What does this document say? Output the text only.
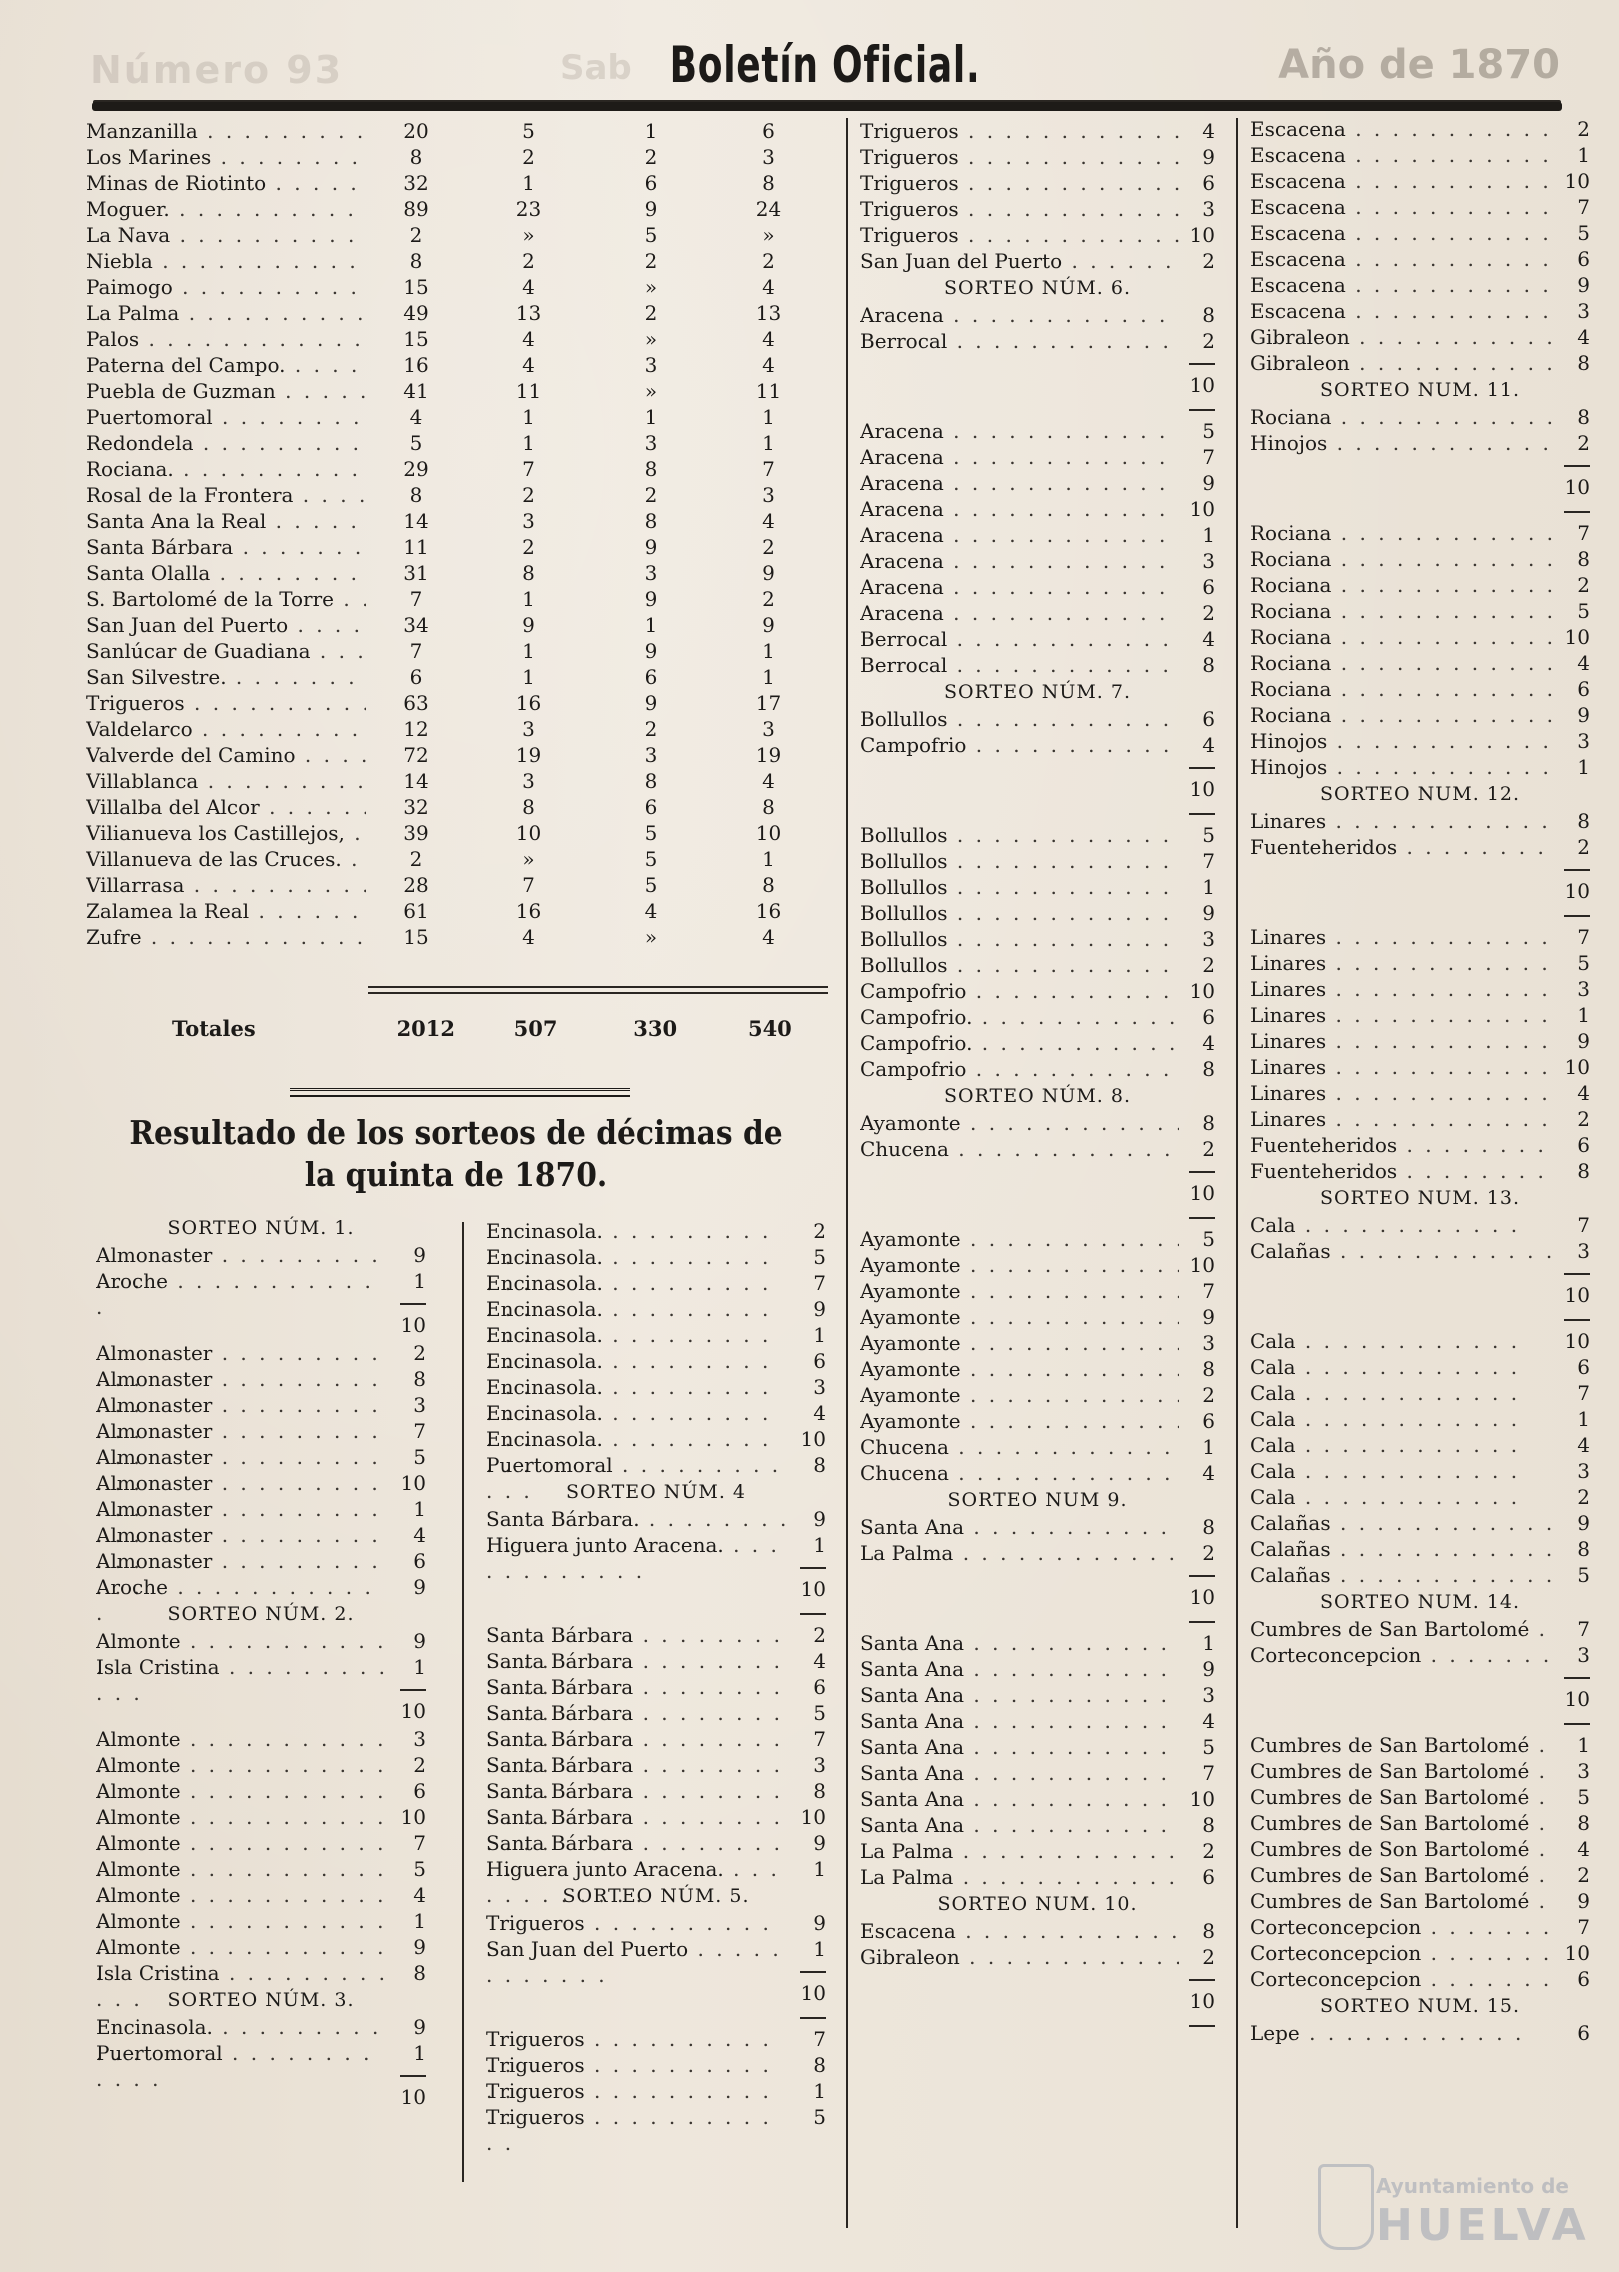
Número 93	Sab Boletín Oficial.	Año de 1870
Manzanilla .	20	5	1	6
Los Marines .	8	2	2	3
Minas de Riotinto .	32	1	6	8
Moguer. .	89	23	9	24
La Nava .	2	»	5	»
Niebla .	8	2	2	2
Paimogo .	15	4	»	4
La Palma .	49	13	2	13
Palos .	15	4	»	4
Paterna del Campo. .	16	4	3	4
Puebla de Guzman .	41	11	»	11
Puertomoral .	4	1	1	1
Redondela .	5	1	3	1
Rociana. .	29	7	8	7
Rosal de la Frontera .	8	2	2	3
Santa Ana la Real .	14	3	8	4
Santa Bárbara .	11	2	9	2
Santa Olalla .	31	8	3	9
S. Bartolomé de la Torre .	7	1	9	2
San Juan del Puerto .	34	9	1	9
Sanlúcar de Guadiana .	7	1	9	1
San Silvestre. .	6	1	6	1
Trigueros .	63	16	9	17
Valdelarco .	12	3	2	3
Valverde del Camino .	72	19	3	19
Villablanca .	14	3	8	4
Villalba del Alcor .	32	8	6	8
Vilianueva los Castillejos, .	39	10	5	10
Villanueva de las Cruces. .	2	»	5	1
Villarrasa .	28	7	5	8
Zalamea la Real .	61	16	4	16
Zufre .	15	4	»	4
Totales	2012	507	330	540
Resultado de los sorteos de décimas de la quinta de 1870.
SORTEO NÚM. 1.
Almonaster .	9
Aroche .	1
10
Almonaster .	2
Almonaster .	8
Almonaster .	3
Almonaster .	7
Almonaster .	5
Almonaster .	10
Almonaster .	1
Almonaster .	4
Almonaster .	6
Aroche .	9
SORTEO NÚM. 2.
Almonte .	9
Isla Cristina .	1
10
Almonte .	3
Almonte .	2
Almonte .	6
Almonte .	10
Almonte .	7
Almonte .	5
Almonte .	4
Almonte .	1
Almonte .	9
Isla Cristina .	8
SORTEO NÚM. 3.
Encinasola. .	9
Puertomoral .	1
10
Encinasola. .	2
Encinasola. .	5
Encinasola. .	7
Encinasola. .	9
Encinasola. .	1
Encinasola. .	6
Encinasola. .	3
Encinasola. .	4
Encinasola. .	10
Puertomoral .	8
SORTEO NÚM. 4
Santa Bárbara. .	9
Higuera junto Aracena. .	1
10
Santa Bárbara .	2
Santa Bárbara .	4
Santa Bárbara .	6
Santa Bárbara .	5
Santa Bárbara .	7
Santa Bárbara .	3
Santa Bárbara .	8
Santa Bárbara .	10
Santa Bárbara .	9
Higuera junto Aracena. .	1
SORTEO NÚM. 5.
Trigueros .	9
San Juan del Puerto .	1
10
Trigueros .	7
Trigueros .	8
Trigueros .	1
Trigueros .	5
Trigueros .	4
Trigueros .	9
Trigueros .	6
Trigueros .	3
Trigueros .	10
San Juan del Puerto .	2
SORTEO NÚM. 6.
Aracena .	8
Berrocal .	2
10
Aracena .	5
Aracena .	7
Aracena .	9
Aracena .	10
Aracena .	1
Aracena .	3
Aracena .	6
Aracena .	2
Berrocal .	4
Berrocal .	8
SORTEO NÚM. 7.
Bollullos .	6
Campofrio .	4
10
Bollullos .	5
Bollullos .	7
Bollullos .	1
Bollullos .	9
Bollullos .	3
Bollullos .	2
Campofrio .	10
Campofrio. .	6
Campofrio. .	4
Campofrio .	8
SORTEO NÚM. 8.
Ayamonte .	8
Chucena .	2
10
Ayamonte .	5
Ayamonte .	10
Ayamonte .	7
Ayamonte .	9
Ayamonte .	3
Ayamonte .	8
Ayamonte .	2
Ayamonte .	6
Chucena .	1
Chucena .	4
SORTEO NUM 9.
Santa Ana .	8
La Palma .	2
10
Santa Ana .	1
Santa Ana .	9
Santa Ana .	3
Santa Ana .	4
Santa Ana .	5
Santa Ana .	7
Santa Ana .	10
Santa Ana .	8
La Palma .	2
La Palma .	6
SORTEO NUM. 10.
Escacena .	8
Gibraleon .	2
10
Escacena .	2
Escacena .	1
Escacena .	10
Escacena .	7
Escacena .	5
Escacena .	6
Escacena .	9
Escacena .	3
Gibraleon .	4
Gibraleon .	8
SORTEO NUM. 11.
Rociana .	8
Hinojos .	2
10
Rociana .	7
Rociana .	8
Rociana .	2
Rociana .	5
Rociana .	10
Rociana .	4
Rociana .	6
Rociana .	9
Hinojos .	3
Hinojos .	1
SORTEO NUM. 12.
Linares .	8
Fuenteheridos .	2
10
Linares .	7
Linares .	5
Linares .	3
Linares .	1
Linares .	9
Linares .	10
Linares .	4
Linares .	2
Fuenteheridos .	6
Fuenteheridos .	8
SORTEO NUM. 13.
Cala .	7
Calañas .	3
10
Cala .	10
Cala .	6
Cala .	7
Cala .	1
Cala .	4
Cala .	3
Cala .	2
Calañas .	9
Calañas .	8
Calañas .	5
SORTEO NUM. 14.
Cumbres de San Bartolomé .	7
Corteconcepcion .	3
10
Cumbres de San Bartolomé .	1
Cumbres de San Bartolomé .	3
Cumbres de San Bartolomé .	5
Cumbres de San Bartolomé .	8
Cumbres de Son Bartolomé .	4
Cumbres de San Bartolomé .	2
Cumbres de San Bartolomé .	9
Corteconcepcion .	7
Corteconcepcion .	10
Corteconcepcion .	6
SORTEO NUM. 15.
Lepe .	6
Ayuntamiento de
HUELVA
